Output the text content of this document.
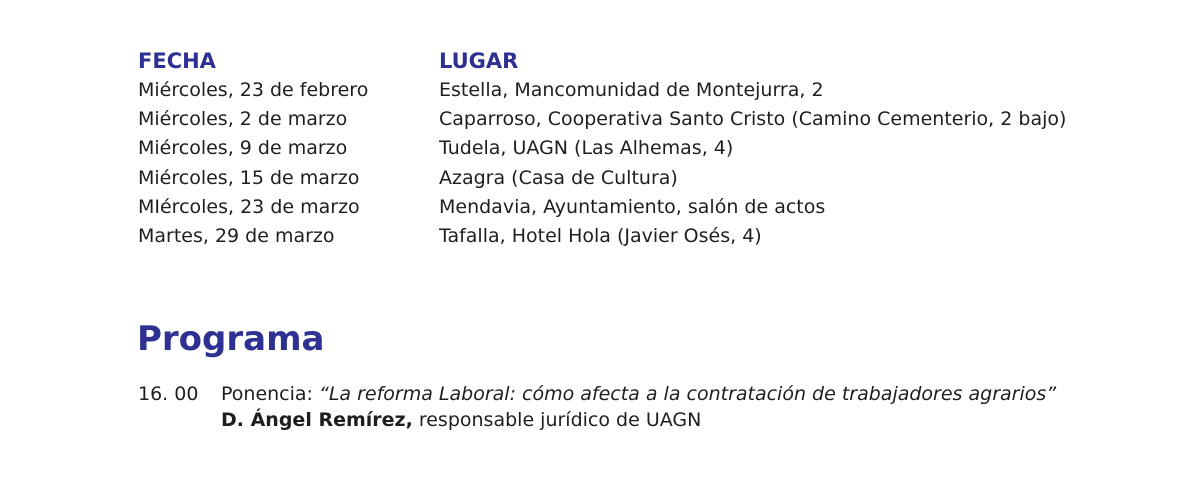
FECHA
Miércoles, 23 de febrero
Miércoles, 2 de marzo
Miércoles, 9 de marzo
Miércoles, 15 de marzo
MIércoles, 23 de marzo
Martes, 29 de marzo
LUGAR
Estella, Mancomunidad de Montejurra, 2
Caparroso, Cooperativa Santo Cristo (Camino Cementerio, 2 bajo)
Tudela, UAGN (Las Alhemas, 4)
Azagra (Casa de Cultura)
Mendavia, Ayuntamiento, salón de actos
Tafalla, Hotel Hola (Javier Osés, 4)
Programa
16. 00 Ponencia: “La reforma Laboral: cómo afecta a la contratación de trabajadores agrarios”
D. Ángel Remírez, responsable jurídico de UAGN
